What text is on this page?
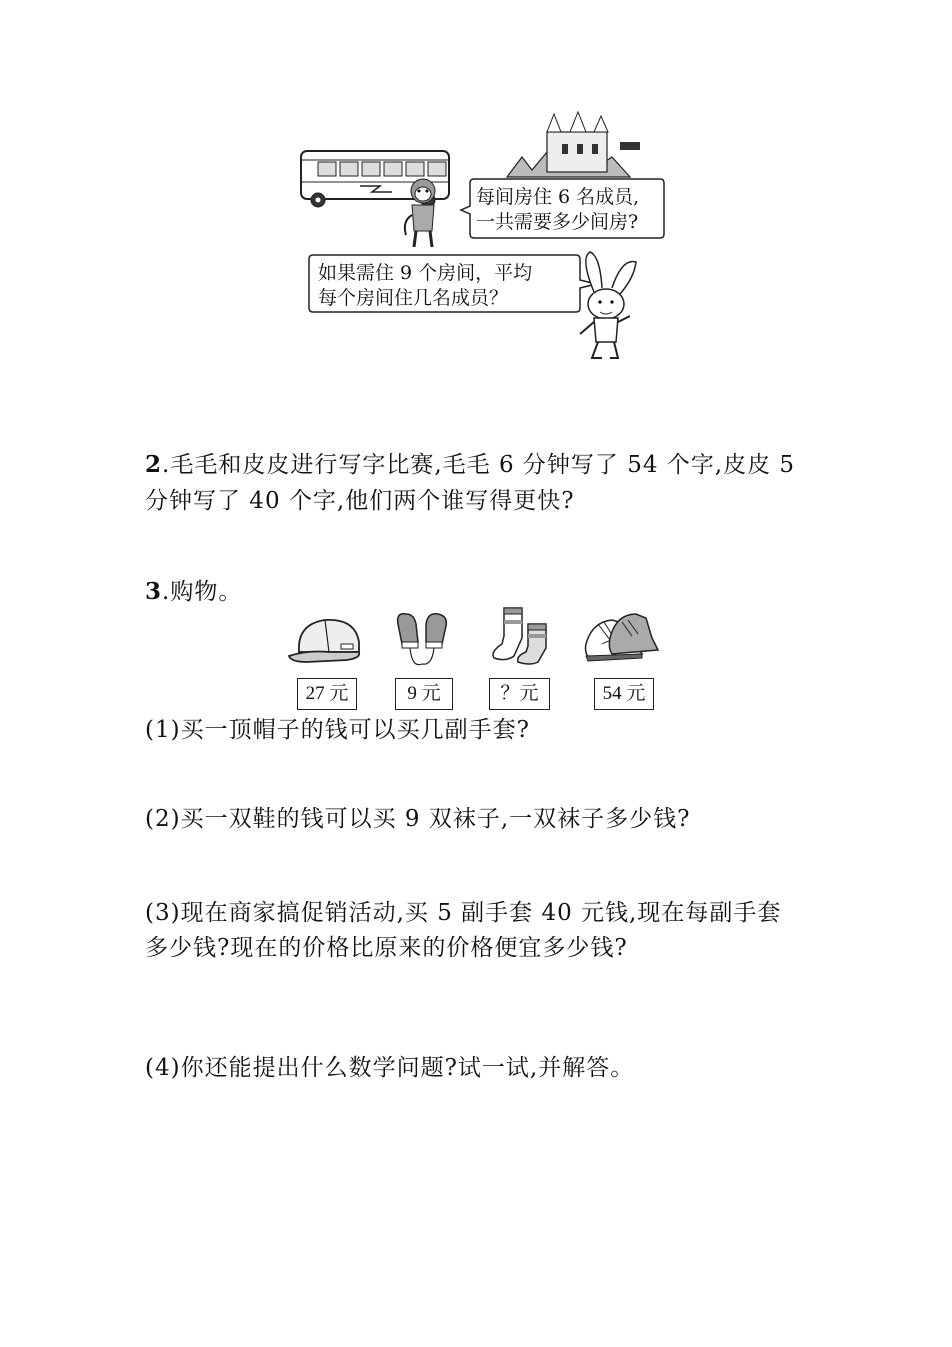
每间房住 6 名成员,
一共需要多少间房?
如果需住 9 个房间，平均
每个房间住几名成员？
2.毛毛和皮皮进行写字比赛,毛毛 6 分钟写了 54 个字,皮皮 5
分钟写了 40 个字,他们两个谁写得更快?
3.购物。
27 元	9 元	？元	54 元
(1)买一顶帽子的钱可以买几副手套?
(2)买一双鞋的钱可以买 9 双袜子,一双袜子多少钱?
(3)现在商家搞促销活动,买 5 副手套 40 元钱,现在每副手套
多少钱?现在的价格比原来的价格便宜多少钱?
(4)你还能提出什么数学问题?试一试,并解答。
